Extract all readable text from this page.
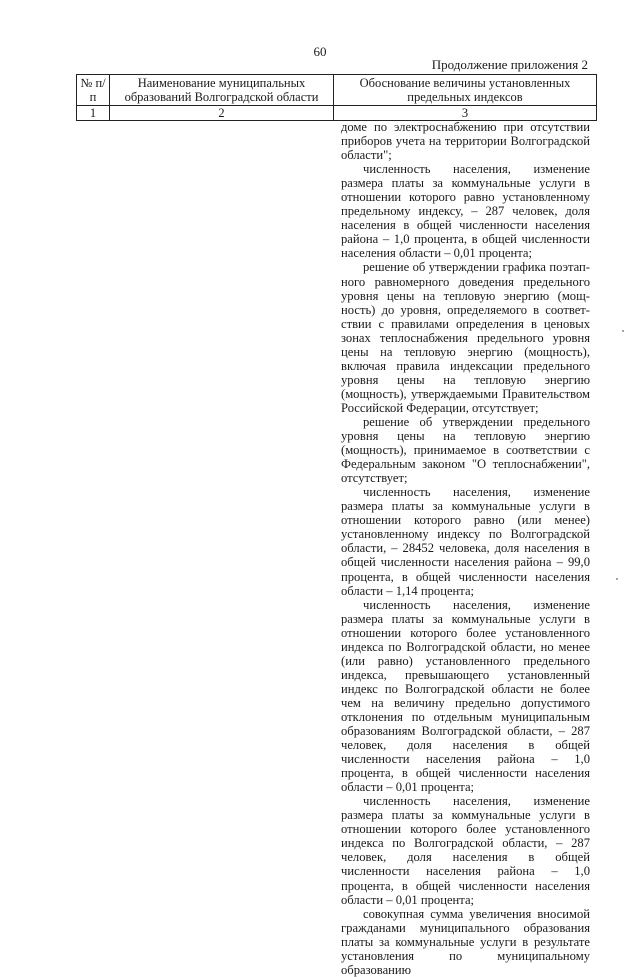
60
Продолжение приложения 2
№ п/п	Наименование муниципальных образований Волгоградской области	Обоснование величины установленных предельных индексов
1	2	3

доме по электроснабжению при отсутствии приборов учета на территории Волгоградской области";

численность населения, изменение размера платы за коммунальные услуги в отношении которого равно установленному предельному индексу, – 287 человек, доля населения в общей численности населения района – 1,0 процента, в общей численности населения области – 0,01 процента;

решение об утверждении графика поэтапного равномерного доведения предельного уровня цены на тепловую энергию (мощность) до уровня, определяемого в соответствии с правилами определения в ценовых зонах теплоснабжения предельного уровня цены на тепловую энергию (мощность), включая правила индексации предельного уровня цены на тепловую энергию (мощность), утверждаемыми Правительством Российской Федерации, отсутствует;

решение об утверждении предельного уровня цены на тепловую энергию (мощность), принимаемое в соответствии с Федеральным законом "О теплоснабжении", отсутствует;

численность населения, изменение размера платы за коммунальные услуги в отношении которого равно (или менее) установленному индексу по Волгоградской области, – 28452 человека, доля населения в общей численности населения района – 99,0 процента, в общей численности населения области – 1,14 процента;

численность населения, изменение размера платы за коммунальные услуги в отношении которого более установленного индекса по Волгоградской области, но менее (или равно) установленного предельного индекса, превышающего установленный индекс по Волгоградской области не более чем на величину предельно допустимого отклонения по отдельным муниципальным образованиям Волгоградской области, – 287 человек, доля населения в общей численности населения района – 1,0 процента, в общей численности населения области – 0,01 процента;

численность населения, изменение размера платы за коммунальные услуги в отношении которого более установленного индекса по Волгоградской области, – 287 человек, доля населения в общей численности населения района – 1,0 процента, в общей численности населения области – 0,01 процента;

совокупная сумма увеличения вносимой гражданами муниципального образования платы за коммунальные услуги в результате установления по муниципальному образованию
